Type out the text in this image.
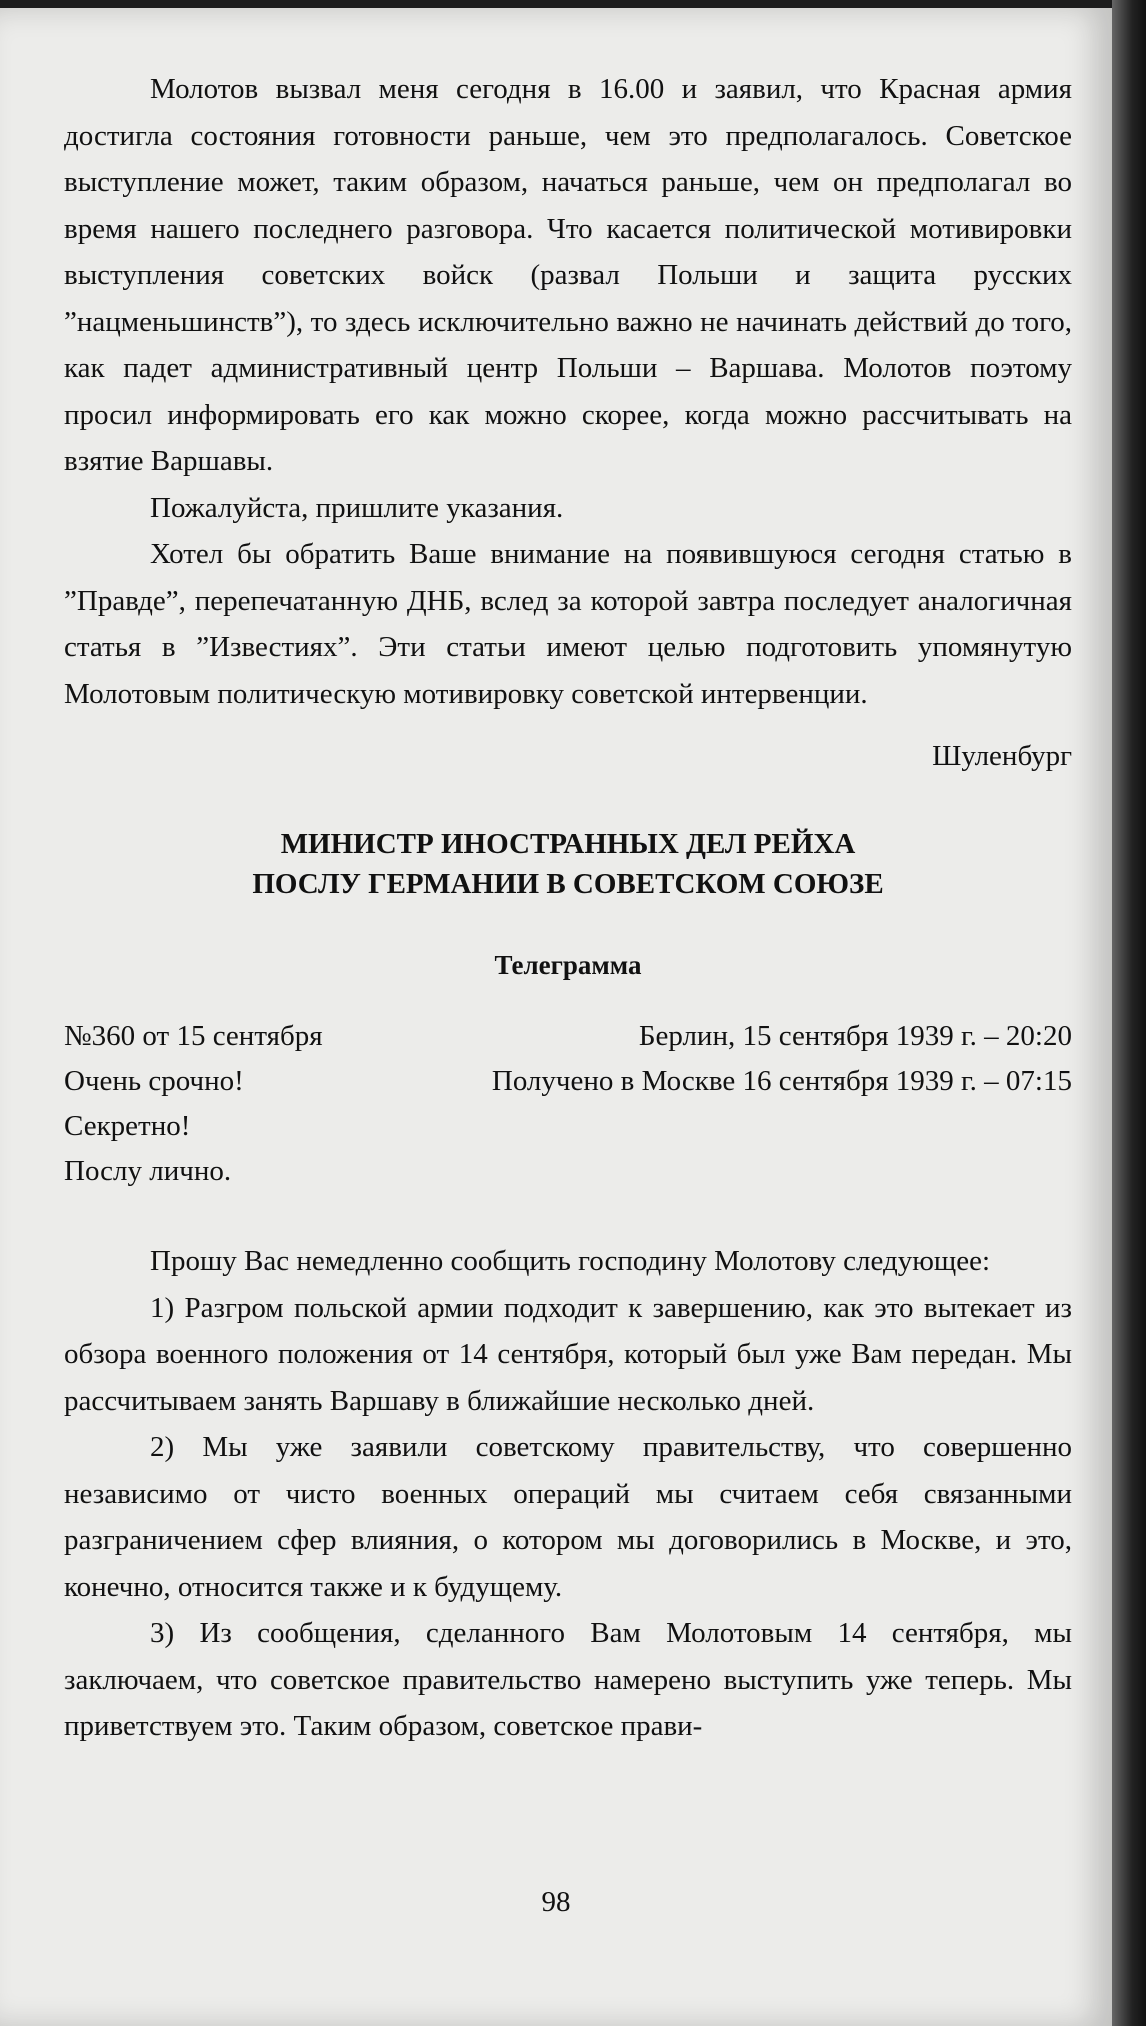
Молотов вызвал меня сегодня в 16.00 и заявил, что Красная армия достигла состояния готовности раньше, чем это предполагалось. Советское выступление может, таким образом, начаться раньше, чем он предполагал во время нашего последнего разговора. Что касается политической мотивировки выступления советских войск (развал Польши и защита русских ”нацменьшинств”), то здесь исключительно важно не начинать действий до того, как падет административный центр Польши – Варшава. Молотов поэтому просил информировать его как можно скорее, когда можно рассчитывать на взятие Варшавы.

Пожалуйста, пришлите указания.

Хотел бы обратить Ваше внимание на появившуюся сегодня статью в ”Правде”, перепечатанную ДНБ, вслед за которой завтра последует аналогичная статья в ”Известиях”. Эти статьи имеют целью подготовить упомянутую Молотовым политическую мотивировку советской интервенции.

Шуленбург

МИНИСТР ИНОСТРАННЫХ ДЕЛ РЕЙХА
ПОСЛУ ГЕРМАНИИ В СОВЕТСКОМ СОЮЗЕ

Телеграмма

№360 от 15 сентября	Берлин, 15 сентября 1939 г. – 20:20
Очень срочно!	Получено в Москве 16 сентября 1939 г. – 07:15
Секретно!
Послу лично.

Прошу Вас немедленно сообщить господину Молотову следующее:

1) Разгром польской армии подходит к завершению, как это вытекает из обзора военного положения от 14 сентября, который был уже Вам передан. Мы рассчитываем занять Варшаву в ближайшие несколько дней.

2) Мы уже заявили советскому правительству, что совершенно независимо от чисто военных операций мы считаем себя связанными разграничением сфер влияния, о котором мы договорились в Москве, и это, конечно, относится также и к будущему.

3) Из сообщения, сделанного Вам Молотовым 14 сентября, мы заключаем, что советское правительство намерено выступить уже теперь. Мы приветствуем это. Таким образом, советское прави-

98
